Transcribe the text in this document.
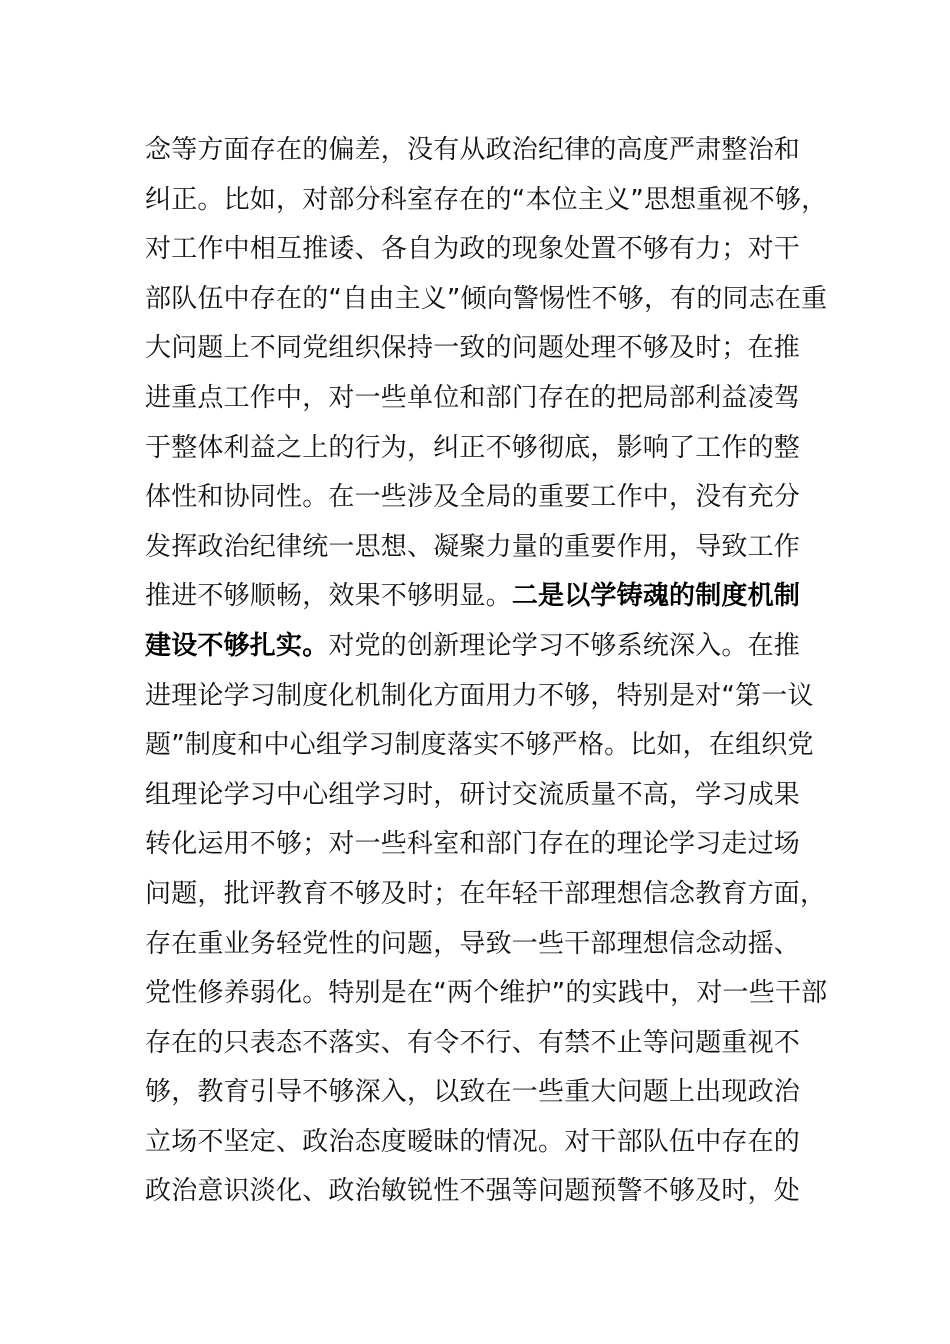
念等方面存在的偏差，没有从政治纪律的高度严肃整治和
纠正。比如，对部分科室存在的“本位主义”思想重视不够，
对工作中相互推诿、各自为政的现象处置不够有力；对干
部队伍中存在的“自由主义”倾向警惕性不够，有的同志在重
大问题上不同党组织保持一致的问题处理不够及时；在推
进重点工作中，对一些单位和部门存在的把局部利益凌驾
于整体利益之上的行为，纠正不够彻底，影响了工作的整
体性和协同性。在一些涉及全局的重要工作中，没有充分
发挥政治纪律统一思想、凝聚力量的重要作用，导致工作
推进不够顺畅，效果不够明显。二是以学铸魂的制度机制
建设不够扎实。对党的创新理论学习不够系统深入。在推
进理论学习制度化机制化方面用力不够，特别是对“第一议
题”制度和中心组学习制度落实不够严格。比如，在组织党
组理论学习中心组学习时，研讨交流质量不高，学习成果
转化运用不够；对一些科室和部门存在的理论学习走过场
问题，批评教育不够及时；在年轻干部理想信念教育方面，
存在重业务轻党性的问题，导致一些干部理想信念动摇、
党性修养弱化。特别是在“两个维护”的实践中，对一些干部
存在的只表态不落实、有令不行、有禁不止等问题重视不
够，教育引导不够深入，以致在一些重大问题上出现政治
立场不坚定、政治态度暧昧的情况。对干部队伍中存在的
政治意识淡化、政治敏锐性不强等问题预警不够及时，处
